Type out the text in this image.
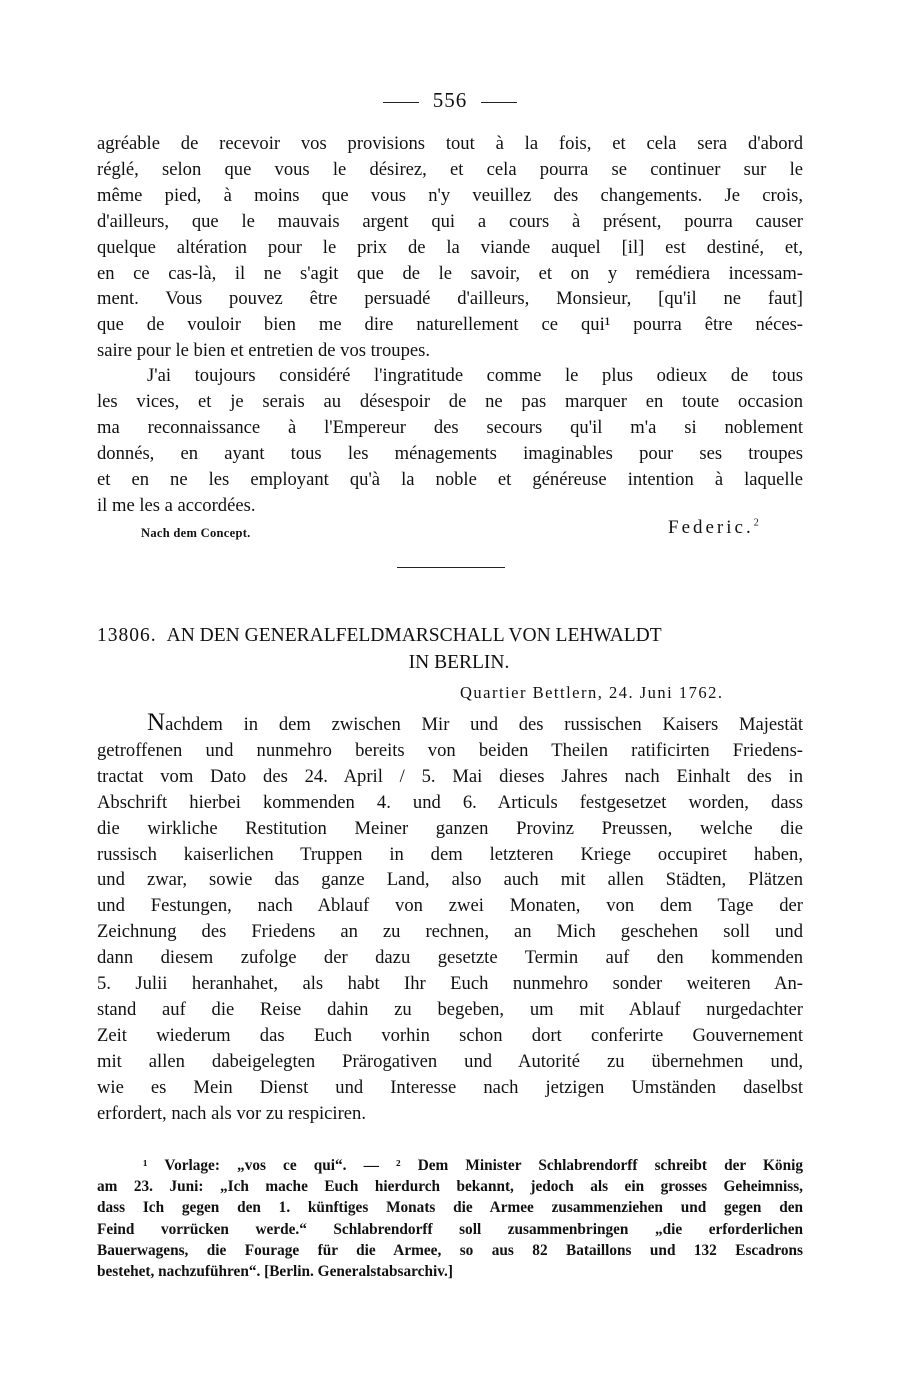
556
agréable de recevoir vos provisions tout à la fois, et cela sera d'abord
réglé, selon que vous le désirez, et cela pourra se continuer sur le
même pied, à moins que vous n'y veuillez des changements. Je crois,
d'ailleurs, que le mauvais argent qui a cours à présent, pourra causer
quelque altération pour le prix de la viande auquel [il] est destiné, et,
en ce cas-là, il ne s'agit que de le savoir, et on y remédiera incessam-
ment. Vous pouvez être persuadé d'ailleurs, Monsieur, [qu'il ne faut]
que de vouloir bien me dire naturellement ce qui¹ pourra être néces-
saire pour le bien et entretien de vos troupes.
J'ai toujours considéré l'ingratitude comme le plus odieux de tous
les vices, et je serais au désespoir de ne pas marquer en toute occasion
ma reconnaissance à l'Empereur des secours qu'il m'a si noblement
donnés, en ayant tous les ménagements imaginables pour ses troupes
et en ne les employant qu'à la noble et généreuse intention à laquelle
il me les a accordées.
Nach dem Concept.	Federic.$^2$
13806. AN DEN GENERALFELDMARSCHALL VON LEHWALDT
IN BERLIN.
Quartier Bettlern, 24. Juni 1762.
Nachdem in dem zwischen Mir und des russischen Kaisers Majestät
getroffenen und nunmehro bereits von beiden Theilen ratificirten Friedens-
tractat vom Dato des 24. April / 5. Mai dieses Jahres nach Einhalt des in
Abschrift hierbei kommenden 4. und 6. Articuls festgesetzet worden, dass
die wirkliche Restitution Meiner ganzen Provinz Preussen, welche die
russisch kaiserlichen Truppen in dem letzteren Kriege occupiret haben,
und zwar, sowie das ganze Land, also auch mit allen Städten, Plätzen
und Festungen, nach Ablauf von zwei Monaten, von dem Tage der
Zeichnung des Friedens an zu rechnen, an Mich geschehen soll und
dann diesem zufolge der dazu gesetzte Termin auf den kommenden
5. Julii heranhahet, als habt Ihr Euch nunmehro sonder weiteren An-
stand auf die Reise dahin zu begeben, um mit Ablauf nurgedachter
Zeit wiederum das Euch vorhin schon dort conferirte Gouvernement
mit allen dabeigelegten Prärogativen und Autorité zu übernehmen und,
wie es Mein Dienst und Interesse nach jetzigen Umständen daselbst
erfordert, nach als vor zu respiciren.
¹ Vorlage: „vos ce qui“. — ² Dem Minister Schlabrendorff schreibt der König
am 23. Juni: „Ich mache Euch hierdurch bekannt, jedoch als ein grosses Geheimniss,
dass Ich gegen den 1. künftiges Monats die Armee zusammenziehen und gegen den
Feind vorrücken werde.“ Schlabrendorff soll zusammenbringen „die erforderlichen
Bauerwagens, die Fourage für die Armee, so aus 82 Bataillons und 132 Escadrons
bestehet, nachzuführen“. [Berlin. Generalstabsarchiv.]
